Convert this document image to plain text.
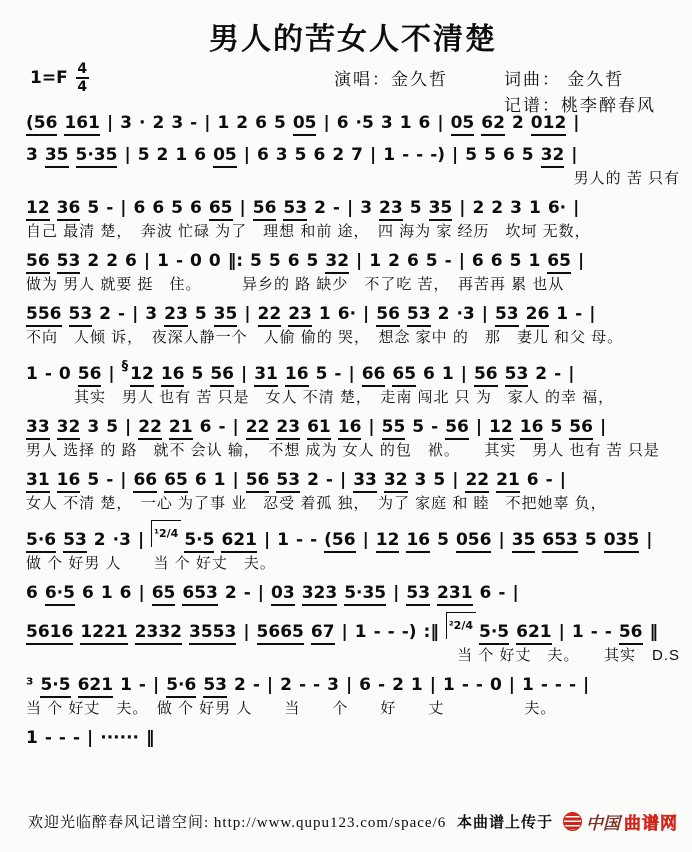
男人的苦女人不清楚
$1=F \frac{4}{4}$	演唱：金久哲	词曲： 金久哲
记谱：桃李醉春风
(56 161 | 3 · 2 3 - | 1 2 6 5 05 | 6 ·5 3 1 6 | 05 62 2 012 |
3 35 5·35 | 5 2 1 6 05 | 6 3 5 6 2 7 | 1 - - -) | 5 5 6 5 32 |
男人的 苦 只有
12 36 5 - | 6 6 5 6 65 | 56 53 2 - | 3 23 5 35 | 2 2 3 1 6· |
自己 最清 楚，　奔波 忙碌 为了　理想 和前 途，　四 海为 家 经历　坎坷 无数，
56 53 2 2 6 | 1 - 0 0 ‖: 5 5 6 5 32 | 1 2 6 5 - | 6 6 5 1 65 |
做为 男人 就要 挺　住。　　　异乡的 路 缺少　不了吃 苦，　再苦再 累 也从
556 53 2 - | 3 23 5 35 | 22 23 1 6· | 56 53 2 ·3 | 53 26 1 - |
不向　人倾 诉，　夜深人静一个　人偷 偷的 哭，　想念 家中 的　那　妻儿 和父 母。
1 - 0 56 | § 12 16 5 56 | 31 16 5 - | 66 65 6 1 | 56 53 2 - |
　　　其实　男人 也有 苦 只是　女人 不清 楚，　走南 闯北 只 为　家人 的幸 福，
33 32 3 5 | 22 21 6 - | 22 23 61 16 | 55 5 - 56 | 12 16 5 56 |
男人 选择 的 路　就不 会认 输，　不想 成为 女人 的包　袱。　　其实　男人 也有 苦 只是
31 16 5 - | 66 65 6 1 | 56 53 2 - | 33 32 3 5 | 22 21 6 - |
女人 不清 楚，　一心 为了事 业　忍受 着孤 独，　为了 家庭 和 睦　不把她辜 负，
5·6 53 2 ·3 | ¹2/4 5·5 621 | 1 - - (56 | 12 16 5 056 | 35 653 5 035 |
做 个 好男 人　　当 个 好丈　夫。
6 6·5 6 1 6 | 65 653 2 - | 03 323 5·35 | 53 231 6 - |
5616 1221 2332 3553 | 5665 67 | 1 - - -) :‖ ²2/4 5·5 621 | 1 - - 56 ‖
当 个 好丈　夫。　　其实　D.S
³ 5·5 621 1 - | 5·6 53 2 - | 2 - - 3 | 6 - 2 1 | 1 - - 0 | 1 - - - |
当 个 好丈　夫。　做 个 好男 人　　当　　个　　好　　丈　　　　　夫。
1 - - - | ······ ‖
欢迎光临醉春风记谱空间: http://www.qupu123.com/space/6 本曲谱上传于 中国 曲谱网
